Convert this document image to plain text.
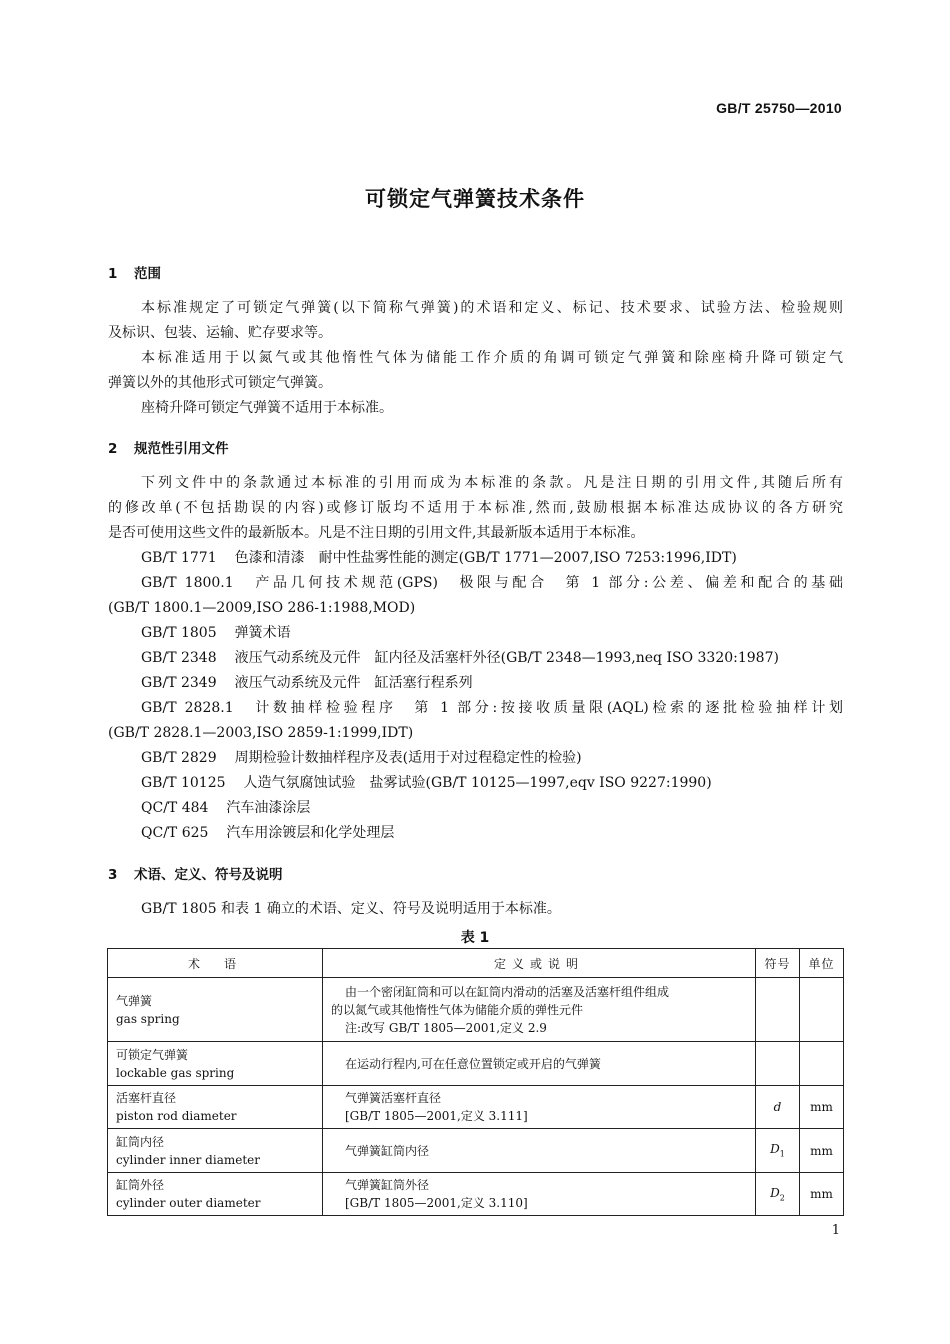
GB/T 25750—2010
可锁定气弹簧技术条件
1 范围
本标准规定了可锁定气弹簧(以下简称气弹簧)的术语和定义、标记、技术要求、试验方法、检验规则
及标识、包装、运输、贮存要求等。
本标准适用于以氮气或其他惰性气体为储能工作介质的角调可锁定气弹簧和除座椅升降可锁定气
弹簧以外的其他形式可锁定气弹簧。
座椅升降可锁定气弹簧不适用于本标准。
2 规范性引用文件
下列文件中的条款通过本标准的引用而成为本标准的条款。凡是注日期的引用文件,其随后所有
的修改单(不包括勘误的内容)或修订版均不适用于本标准,然而,鼓励根据本标准达成协议的各方研究
是否可使用这些文件的最新版本。凡是不注日期的引用文件,其最新版本适用于本标准。
GB/T 1771 色漆和清漆　耐中性盐雾性能的测定(GB/T 1771—2007,ISO 7253:1996,IDT)
GB/T 1800.1 产品几何技术规范(GPS)　极限与配合　第 1 部分:公差、偏差和配合的基础
(GB/T 1800.1—2009,ISO 286-1:1988,MOD)
GB/T 1805 弹簧术语
GB/T 2348 液压气动系统及元件　缸内径及活塞杆外径(GB/T 2348—1993,neq ISO 3320:1987)
GB/T 2349 液压气动系统及元件　缸活塞行程系列
GB/T 2828.1 计数抽样检验程序　第 1 部分:按接收质量限(AQL)检索的逐批检验抽样计划
(GB/T 2828.1—2003,ISO 2859-1:1999,IDT)
GB/T 2829 周期检验计数抽样程序及表(适用于对过程稳定性的检验)
GB/T 10125 人造气氛腐蚀试验　盐雾试验(GB/T 10125—1997,eqv ISO 9227:1990)
QC/T 484 汽车油漆涂层
QC/T 625 汽车用涂镀层和化学处理层
3 术语、定义、符号及说明
GB/T 1805 和表 1 确立的术语、定义、符号及说明适用于本标准。
表 1
术　语	定义或说明	符号	单位

气弹簧
gas spring	由一个密闭缸筒和可以在缸筒内滑动的活塞及活塞杆组件组成
的以氮气或其他惰性气体为储能介质的弹性元件
注:改写 GB/T 1805—2001,定义 2.9		

可锁定气弹簧
lockable gas spring	在运动行程内,可在任意位置锁定或开启的气弹簧		

活塞杆直径
piston rod diameter	气弹簧活塞杆直径
[GB/T 1805—2001,定义 3.111]	d	mm

缸筒内径
cylinder inner diameter	气弹簧缸筒内径	$D_1$	mm

缸筒外径
cylinder outer diameter	气弹簧缸筒外径
[GB/T 1805—2001,定义 3.110]	$D_2$	mm
1
